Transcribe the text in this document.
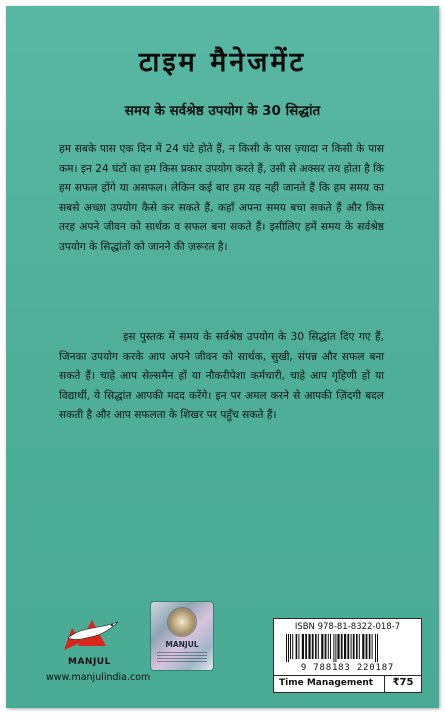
टाइम मैनेजमेंट
समय के सर्वश्रेष्ठ उपयोग के 30 सिद्धांत

हम सबके पास एक दिन में 24 घंटे होते हैं, न किसी के पास ज़्यादा न किसी के पास कम। इन 24 घंटों का हम किस प्रकार उपयोग करते हैं, उसी से अक्सर तय होता है कि हम सफल होंगे या असफल। लेकिन कई बार हम यह नहीं जानते हैं कि हम समय का सबसे अच्छा उपयोग कैसे कर सकते हैं, कहाँ अपना समय बचा सकते हैं और किस तरह अपने जीवन को सार्थक व सफल बना सकते हैं। इसीलिए हमें समय के सर्वश्रेष्ठ उपयोग के सिद्धांतों को जानने की ज़रूरत है।

इस पुस्तक में समय के सर्वश्रेष्ठ उपयोग के 30 सिद्धांत दिए गए हैं, जिनका उपयोग करके आप अपने जीवन को सार्थक, सुखी, संपन्न और सफल बना सकते हैं। चाहे आप सेल्समैन हों या नौकरीपेशा कर्मचारी, चाहे आप गृहिणी हों या विद्यार्थी, ये सिद्धांत आपकी मदद करेंगे। इन पर अमल करने से आपकी ज़िंदगी बदल सकती है और आप सफलता के शिखर पर पहुँच सकते हैं।

MANJUL
www.manjulindia.com
MANJUL
ISBN 978-81-8322-018-7
9 788183 220187
Time Management	₹75
